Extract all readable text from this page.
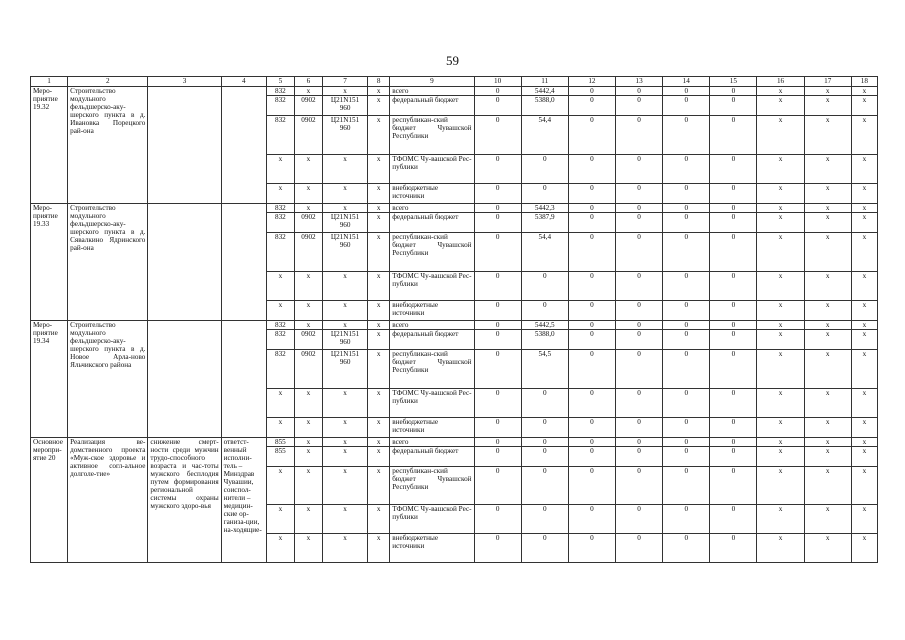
59
1	2	3	4	5	6	7	8	9	10	11	12	13	14	15	16	17	18
Меро-приятие 19.32	Строительство модульного фельдшерско-аку-шерского пункта в д. Ивановка Порецкого рай-она			832	x	x	x	всего	0	5442,4	0	0	0	0	x	x	x
				832	0902	Ц21N151 960	x	федеральный бюджет	0	5388,0	0	0	0	0	x	x	x
				832	0902	Ц21N151 960	x	республикан-ский бюджет Чувашской Республики	0	54,4	0	0	0	0	x	x	x
				x	x	x	x	ТФОМС Чу-вашской Рес-публики	0	0	0	0	0	0	x	x	x
				x	x	x	x	внебюджетные источники	0	0	0	0	0	0	x	x	x
Меро-приятие 19.33	Строительство модульного фельдшерско-аку-шерского пункта в д. Сявалкино Ядринского рай-она			832	x	x	x	всего	0	5442,3	0	0	0	0	x	x	x
				832	0902	Ц21N151 960	x	федеральный бюджет	0	5387,9	0	0	0	0	x	x	x
				832	0902	Ц21N151 960	x	республикан-ский бюджет Чувашской Республики	0	54,4	0	0	0	0	x	x	x
				x	x	x	x	ТФОМС Чу-вашской Рес-публики	0	0	0	0	0	0	x	x	x
				x	x	x	x	внебюджетные источники	0	0	0	0	0	0	x	x	x
Меро-приятие 19.34	Строительство модульного фельдшерско-аку-шерского пункта в д. Новое Арла-ново Яльчикского района			832	x	x	x	всего	0	5442,5	0	0	0	0	x	x	x
				832	0902	Ц21N151 960	x	федеральный бюджет	0	5388,0	0	0	0	0	x	x	x
				832	0902	Ц21N151 960	x	республикан-ский бюджет Чувашской Республики	0	54,5	0	0	0	0	x	x	x
				x	x	x	x	ТФОМС Чу-вашской Рес-публики	0	0	0	0	0	0	x	x	x
				x	x	x	x	внебюджетные источники	0	0	0	0	0	0	x	x	x
Основное меропри-ятие 20	Реализация ве-домственного проекта «Муж-ское здоровье и активное согл-альное долголе-тие»	снижение смерт-ности среди мужчин трудо-способного возраста и час-тоты мужского бесплодия путем формирования региональной системы охраны мужского здоро-вья	ответст-венный исполни-тель – Минздрав Чувашии, соиспол-нители – медицин-ские ор-ганиза-ции, на-ходящие-	855	x	x	x	всего	0	0	0	0	0	0	x	x	x
				855	x	x	x	федеральный бюджет	0	0	0	0	0	0	x	x	x
				x	x	x	x	республикан-ский бюджет Чувашской Республики	0	0	0	0	0	0	x	x	x
				x	x	x	x	ТФОМС Чу-вашской Рес-публики	0	0	0	0	0	0	x	x	x
				x	x	x	x	внебюджетные источники	0	0	0	0	0	0	x	x	x
